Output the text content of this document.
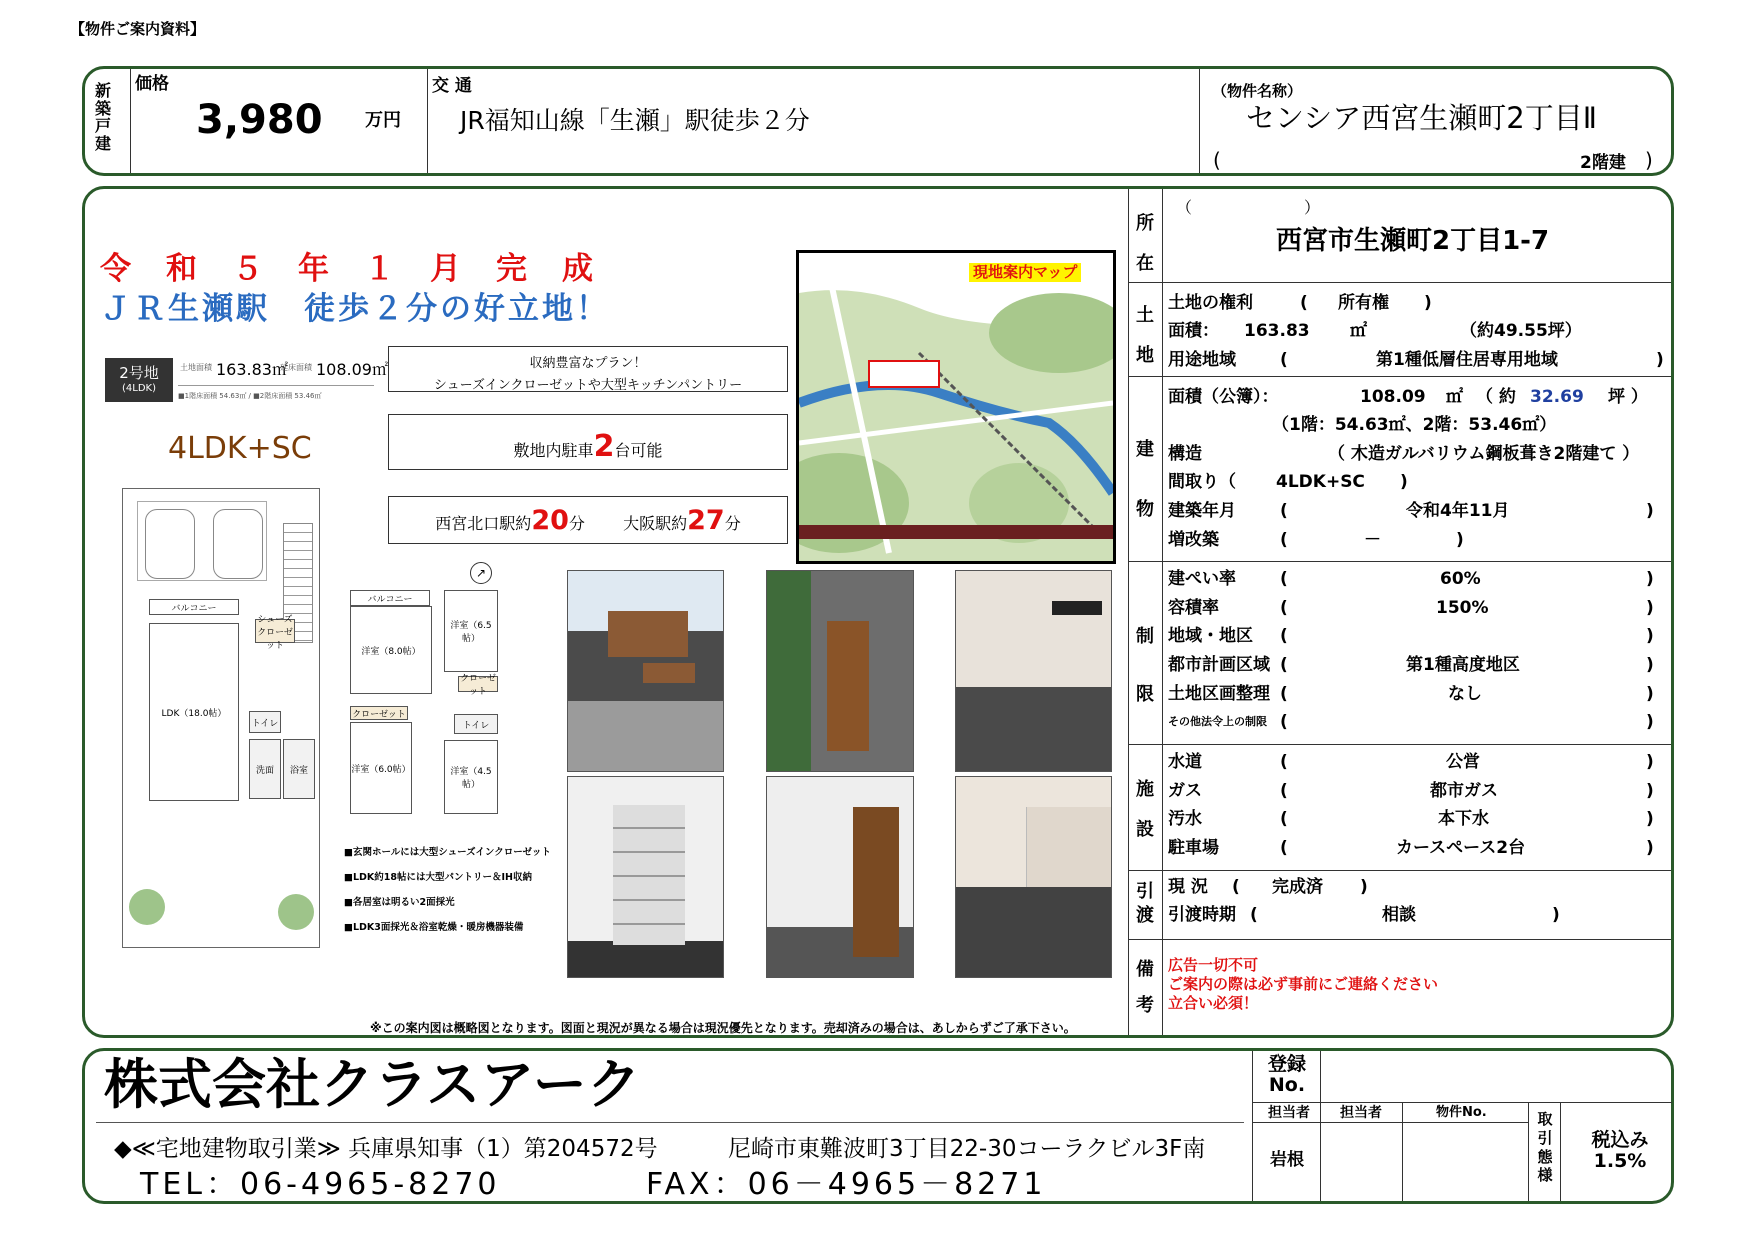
【物件ご案内資料】
新築戸建
価格
3,980 万円
交 通
JR福知山線「生瀬」駅徒歩２分
（物件名称）
センシア西宮生瀬町2丁目Ⅱ
(	2階建 )
令　和　５　年　１　月　完　成
ＪＲ生瀬駅　徒歩２分の好立地！
2号地
(4LDK)
土地面積 163.83㎡
延床面積 108.09㎡
■1階床面積 54.63㎡ / ■2階床面積 53.46㎡
4LDK+SC
収納豊富なプラン！
シューズインクローゼットや大型キッチンパントリー
敷地内駐車2台可能
西宮北口駅約20分 大阪駅約27分
現地案内マップ
バルコニー
シューズクローゼット
LDK（18.0帖）
トイレ
洗面	浴室
バルコニー
洋室（8.0帖）
洋室（6.5帖）
クローゼット
クローゼット
洋室（6.0帖）	洋室（4.5帖）
トイレ
↗
■玄関ホールには大型シューズインクローゼット
■LDK約18帖には大型パントリー＆IH収納
■各居室は明るい2面採光
■LDK3面採光＆浴室乾燥・暖房機器装備
※この案内図は概略図となります。図面と現況が異なる場合は現況優先となります。売却済みの場合は、あしからずご了承下さい。
所在
（　　　　　　　）
西宮市生瀬町2丁目1-7
土地
土地の権利	( 所有権 )
面積： 163.83 ㎡	（約49.55坪）
用途地域	(	第1種低層住居専用地域	)
建物
面積（公簿）：	108.09 ㎡ （ 約 32.69 坪 ）
（1階：54.63㎡、2階：53.46㎡）
構造	（ 木造ガルバリウム鋼板葺き2階建て ）
間取り（ 4LDK+SC )
建築年月	(	令和4年11月	)
増改築	(	－	)
制限
建ぺい率	(	60%	)
容積率	(	150%	)
地域・地区 (	)
都市計画区域 (	第1種高度地区	)
土地区画整理 (	なし	)
その他法令上の制限 (	)
施設
水道	(	公営	)
ガス	(	都市ガス	)
汚水	(	本下水	)
駐車場	(	カースペース2台	)
引渡
現 況 ( 完成済 )
引渡時期 (	相談	)
備考
広告一切不可
ご案内の際は必ず事前にご連絡ください
立合い必須！
株式会社クラスアーク
◆≪宅地建物取引業≫ 兵庫県知事（1）第204572号	尼崎市東難波町3丁目22-30コーラクビル3F南
TEL：06-4965-8270	FAX：06－4965－8271
登録No.
担当者 担当者	物件No.
岩根
取引態様
税込み 1.5%
